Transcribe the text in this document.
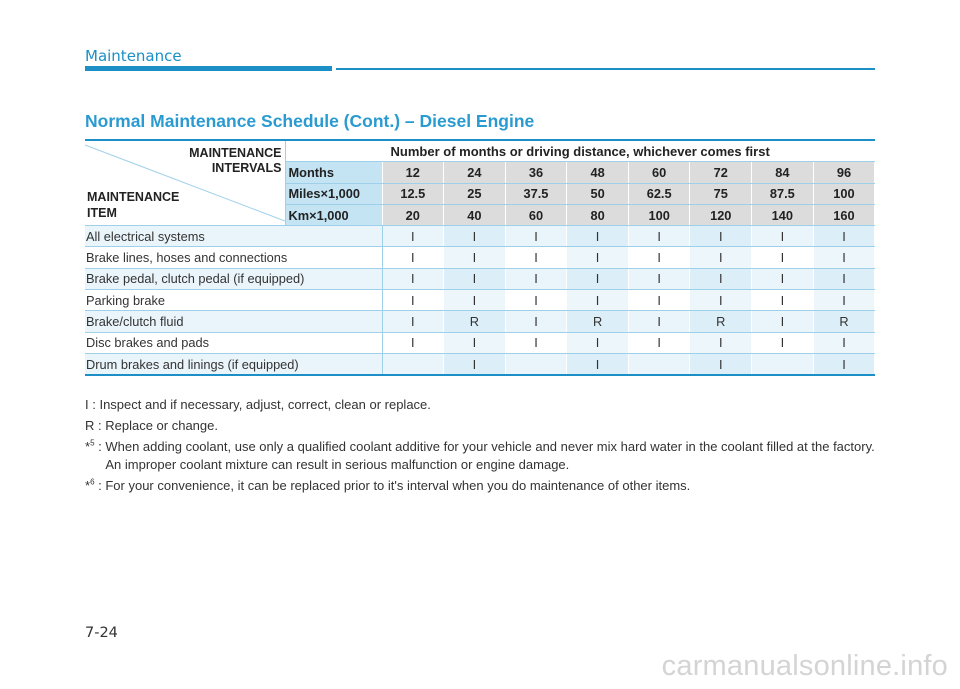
Maintenance
Normal Maintenance Schedule (Cont.) – Diesel Engine
MAINTENANCE
INTERVALS
MAINTENANCE
ITEM	Number of months or driving distance, whichever comes first								
	Months	12	24	36	48	60	72	84	96
	Miles×1,000	12.5	25	37.5	50	62.5	75	87.5	100
	Km×1,000	20	40	60	80	100	120	140	160
All electrical systems		I	I	I	I	I	I	I	I
Brake lines, hoses and connections		I	I	I	I	I	I	I	I
Brake pedal, clutch pedal (if equipped)		I	I	I	I	I	I	I	I
Parking brake		I	I	I	I	I	I	I	I
Brake/clutch fluid		I	R	I	R	I	R	I	R
Disc brakes and pads		I	I	I	I	I	I	I	I
Drum brakes and linings (if equipped)			I		I		I		I
I : Inspect and if necessary, adjust, correct, clean or replace.
R : Replace or change.
*$^5$ : When adding coolant, use only a qualified coolant additive for your vehicle and never mix hard water in the coolant filled at the factory. An improper coolant mixture can result in serious malfunction or engine damage.
*$^6$ : For your convenience, it can be replaced prior to it's interval when you do maintenance of other items.
7-24
carmanualsonline.info
